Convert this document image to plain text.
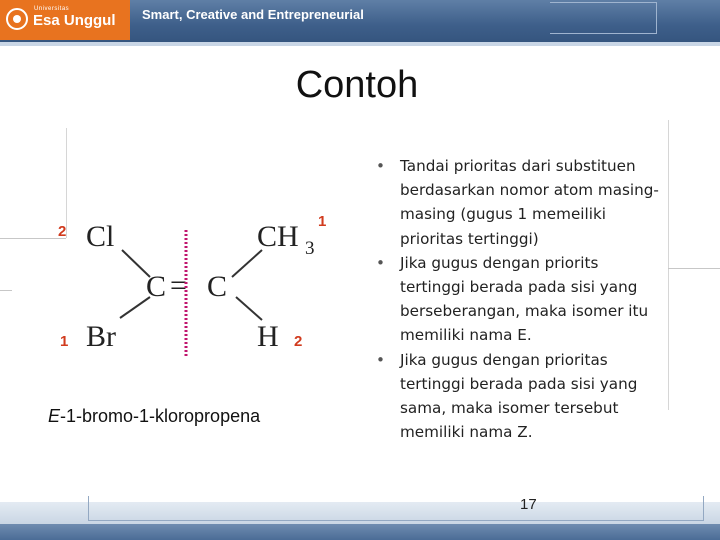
Universitas
Esa Unggul Smart, Creative and Entrepreneurial
Contoh
Cl	CH 3
C = C
Br	H
2
1
1
2
E-1-bromo-1-kloropropena
• Tandai prioritas dari substituen berdasarkan nomor atom masing-masing (gugus 1 memeiliki prioritas tertinggi)
• Jika gugus dengan priorits tertinggi berada pada sisi yang berseberangan, maka isomer itu memiliki nama E.
• Jika gugus dengan prioritas tertinggi berada pada sisi yang sama, maka isomer tersebut memiliki nama Z.
17
